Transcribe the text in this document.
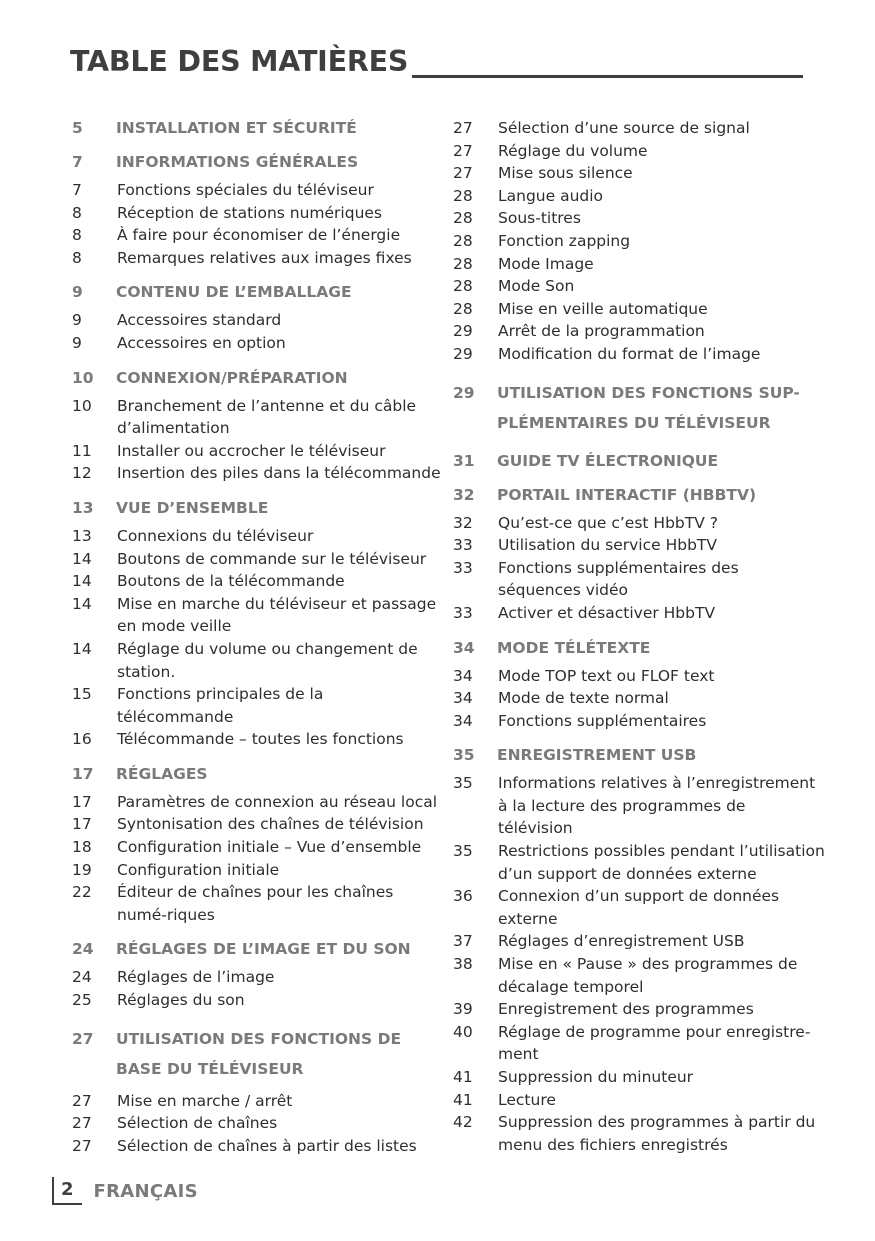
TABLE DES MATIÈRES
5	INSTALLATION ET SÉCURITÉ
7	INFORMATIONS GÉNÉRALES
7	Fonctions spéciales du téléviseur
8	Réception de stations numériques
8	À faire pour économiser de l’énergie
8	Remarques relatives aux images fixes
9	CONTENU DE L’EMBALLAGE
9	Accessoires standard
9	Accessoires en option
10	CONNEXION/PRÉPARATION
10	Branchement de l’antenne et du câble d’alimentation
11	Installer ou accrocher le téléviseur
12	Insertion des piles dans la télécommande
13	VUE D’ENSEMBLE
13	Connexions du téléviseur
14	Boutons de commande sur le téléviseur
14	Boutons de la télécommande
14	Mise en marche du téléviseur et passage en mode veille
14	Réglage du volume ou changement de station.
15	Fonctions principales de la télécommande
16	Télécommande – toutes les fonctions
17	RÉGLAGES
17	Paramètres de connexion au réseau local
17	Syntonisation des chaînes de télévision
18	Configuration initiale – Vue d’ensemble
19	Configuration initiale
22	Éditeur de chaînes pour les chaînes numé-riques
24	RÉGLAGES DE L’IMAGE ET DU SON
24	Réglages de l’image
25	Réglages du son
27	UTILISATION DES FONCTIONS DE BASE DU TÉLÉVISEUR
27	Mise en marche / arrêt
27	Sélection de chaînes
27	Sélection de chaînes à partir des listes
27	Sélection d’une source de signal
27	Réglage du volume
27	Mise sous silence
28	Langue audio
28	Sous-titres
28	Fonction zapping
28	Mode Image
28	Mode Son
28	Mise en veille automatique
29	Arrêt de la programmation
29	Modification du format de l’image
29	UTILISATION DES FONCTIONS SUP-PLÉMENTAIRES DU TÉLÉVISEUR
31	GUIDE TV ÉLECTRONIQUE
32	PORTAIL INTERACTIF (HBBTV)
32	Qu’est-ce que c’est HbbTV ?
33	Utilisation du service HbbTV
33	Fonctions supplémentaires des séquences vidéo
33	Activer et désactiver HbbTV
34	MODE TÉLÉTEXTE
34	Mode TOP text ou FLOF text
34	Mode de texte normal
34	Fonctions supplémentaires
35	ENREGISTREMENT USB
35	Informations relatives à l’enregistrement à la lecture des programmes de télévision
35	Restrictions possibles pendant l’utilisation d’un support de données externe
36	Connexion d’un support de données externe
37	Réglages d’enregistrement USB
38	Mise en « Pause » des programmes de décalage temporel
39	Enregistrement des programmes
40	Réglage de programme pour enregistre-ment
41	Suppression du minuteur
41	Lecture
42	Suppression des programmes à partir du menu des fichiers enregistrés
2	FRANÇAIS
